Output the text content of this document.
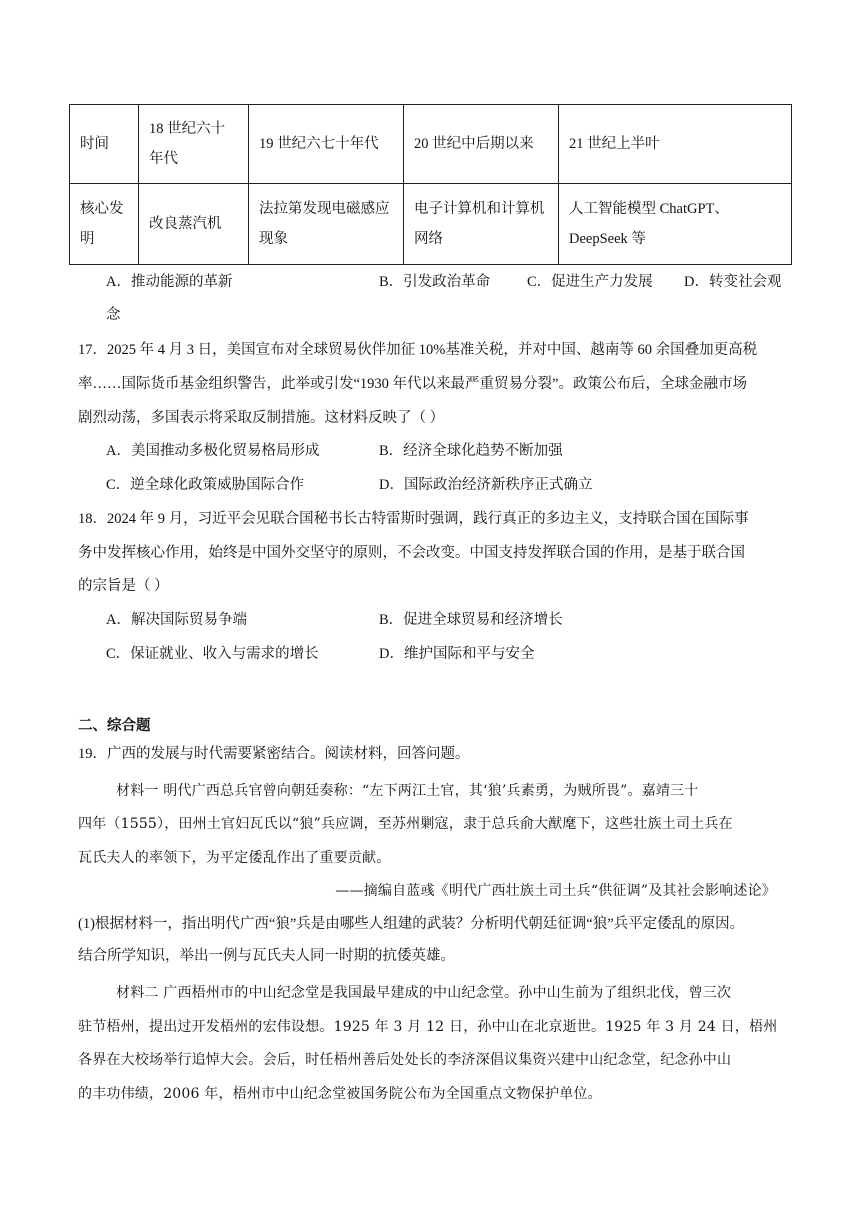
时间	18 世纪六十年代	19 世纪六七十年代	20 世纪中后期以来	21 世纪上半叶
核心发明	改良蒸汽机	法拉第发现电磁感应现象	电子计算机和计算机网络	人工智能模型 ChatGPT、DeepSeek 等
A．推动能源的革新
念
B．引发政治革命	C．促进生产力发展 D．转变社会观
17．2025 年 4 月 3 日，美国宣布对全球贸易伙伴加征 10%基准关税，并对中国、越南等 60 余国叠加更高税
率……国际货币基金组织警告，此举或引发“1930 年代以来最严重贸易分裂”。政策公布后，全球金融市场
剧烈动荡，多国表示将采取反制措施。这材料反映了（ ）
A．美国推动多极化贸易格局形成	B．经济全球化趋势不断加强
C．逆全球化政策威胁国际合作	D．国际政治经济新秩序正式确立
18．2024 年 9 月，习近平会见联合国秘书长古特雷斯时强调，践行真正的多边主义，支持联合国在国际事
务中发挥核心作用，始终是中国外交坚守的原则，不会改变。中国支持发挥联合国的作用，是基于联合国
的宗旨是（ ）
A．解决国际贸易争端	B．促进全球贸易和经济增长
C．保证就业、收入与需求的增长	D．维护国际和平与安全
二、综合题
19．广西的发展与时代需要紧密结合。阅读材料，回答问题。
材料一 明代广西总兵官曾向朝廷奏称：“左下两江土官，其‘狼’兵素勇，为贼所畏”。嘉靖三十
四年（1555），田州土官妇瓦氏以“狼”兵应调，至苏州剿寇，隶于总兵俞大猷麾下，这些壮族土司土兵在
瓦氏夫人的率领下，为平定倭乱作出了重要贡献。
——摘编自蓝彧《明代广西壮族土司土兵“供征调”及其社会影响述论》
(1)根据材料一，指出明代广西“狼”兵是由哪些人组建的武装？分析明代朝廷征调“狼”兵平定倭乱的原因。
结合所学知识，举出一例与瓦氏夫人同一时期的抗倭英雄。
材料二 广西梧州市的中山纪念堂是我国最早建成的中山纪念堂。孙中山生前为了组织北伐，曾三次
驻节梧州，提出过开发梧州的宏伟设想。1925 年 3 月 12 日，孙中山在北京逝世。1925 年 3 月 24 日，梧州
各界在大校场举行追悼大会。会后，时任梧州善后处处长的李济深倡议集资兴建中山纪念堂，纪念孙中山
的丰功伟绩，2006 年，梧州市中山纪念堂被国务院公布为全国重点文物保护单位。
